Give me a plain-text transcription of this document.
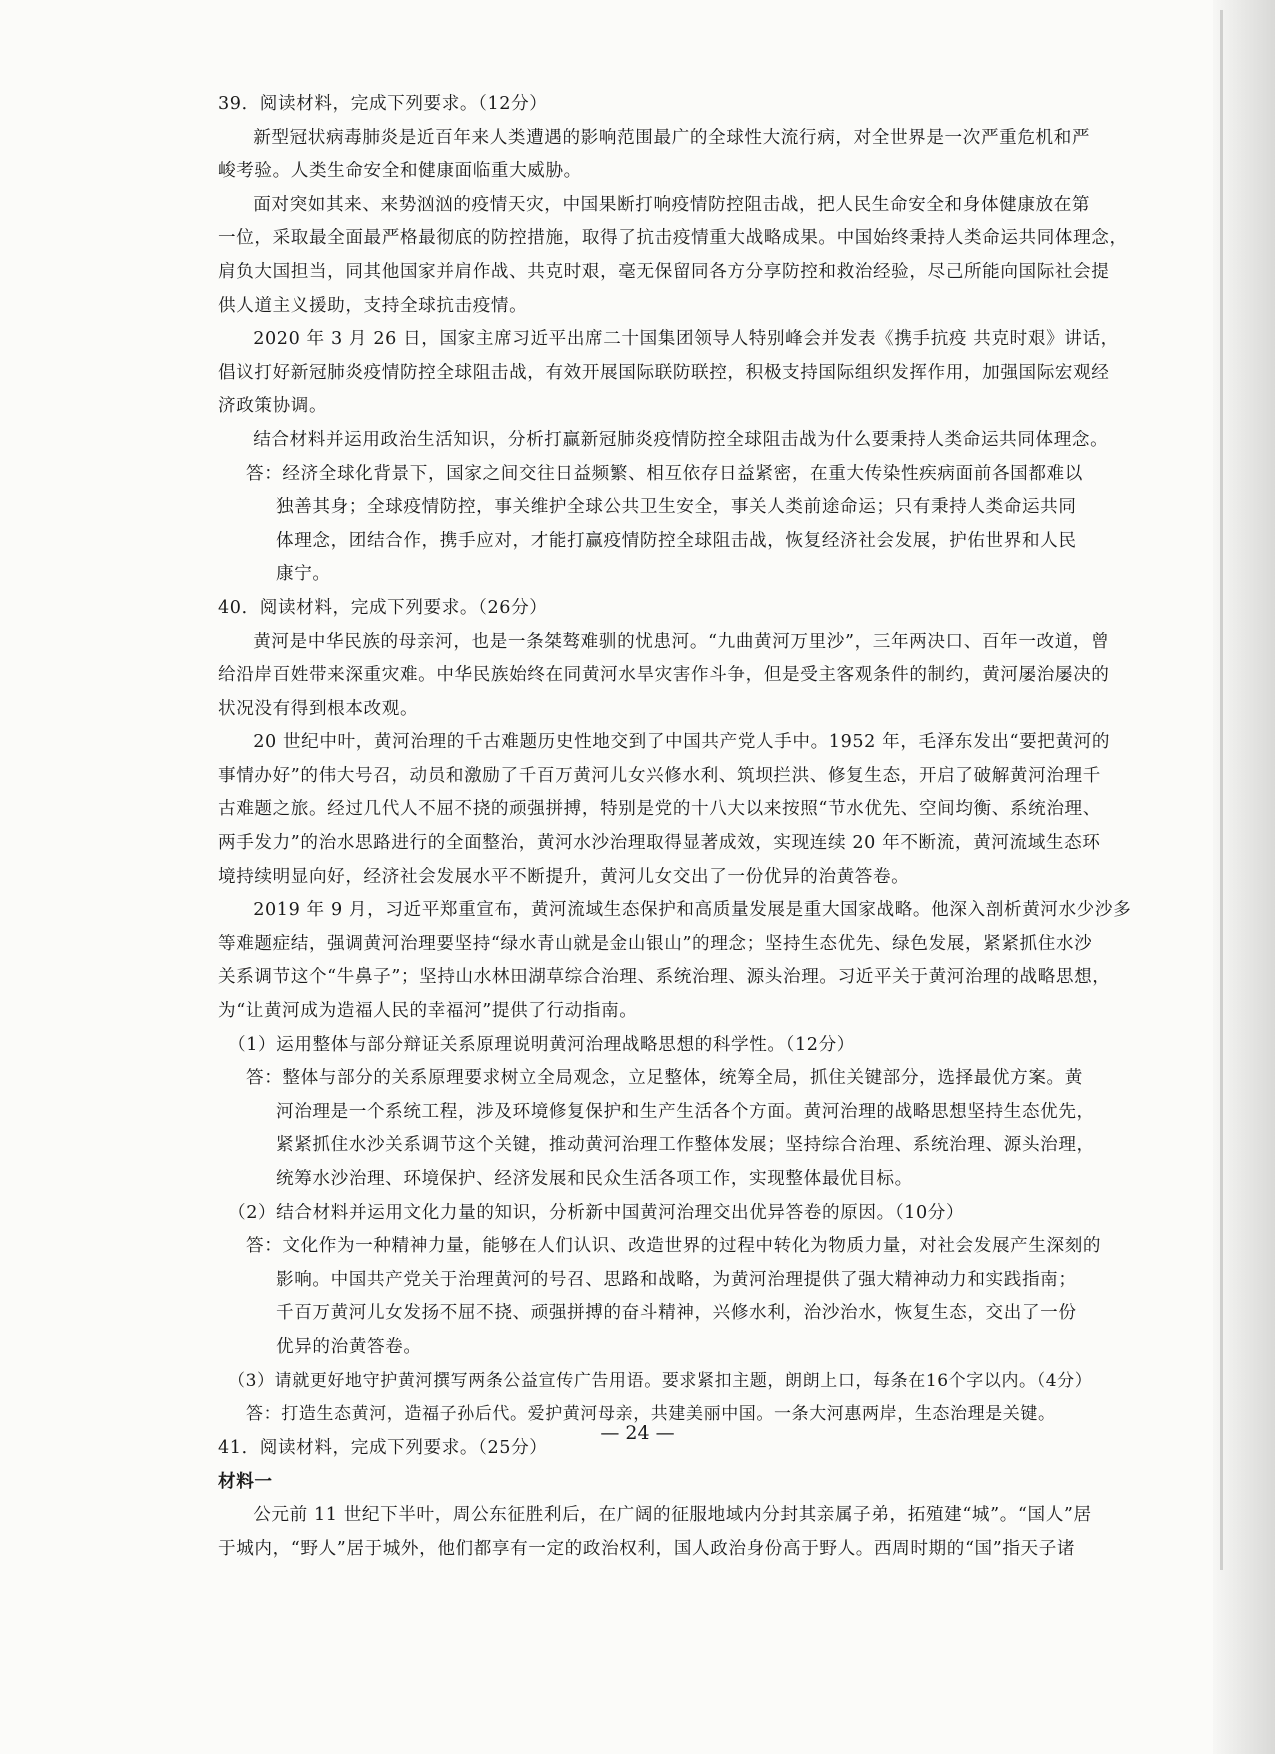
39．阅读材料，完成下列要求。（12分）

新型冠状病毒肺炎是近百年来人类遭遇的影响范围最广的全球性大流行病，对全世界是一次严重危机和严

峻考验。人类生命安全和健康面临重大威胁。

面对突如其来、来势汹汹的疫情天灾，中国果断打响疫情防控阻击战，把人民生命安全和身体健康放在第

一位，采取最全面最严格最彻底的防控措施，取得了抗击疫情重大战略成果。中国始终秉持人类命运共同体理念，

肩负大国担当，同其他国家并肩作战、共克时艰，毫无保留同各方分享防控和救治经验，尽己所能向国际社会提

供人道主义援助，支持全球抗击疫情。

2020 年 3 月 26 日，国家主席习近平出席二十国集团领导人特别峰会并发表《携手抗疫 共克时艰》讲话，

倡议打好新冠肺炎疫情防控全球阻击战，有效开展国际联防联控，积极支持国际组织发挥作用，加强国际宏观经

济政策协调。

结合材料并运用政治生活知识，分析打赢新冠肺炎疫情防控全球阻击战为什么要秉持人类命运共同体理念。

答：经济全球化背景下，国家之间交往日益频繁、相互依存日益紧密，在重大传染性疾病面前各国都难以

独善其身；全球疫情防控，事关维护全球公共卫生安全，事关人类前途命运；只有秉持人类命运共同

体理念，团结合作，携手应对，才能打赢疫情防控全球阻击战，恢复经济社会发展，护佑世界和人民

康宁。

40．阅读材料，完成下列要求。（26分）

黄河是中华民族的母亲河，也是一条桀骜难驯的忧患河。“九曲黄河万里沙”，三年两决口、百年一改道，曾

给沿岸百姓带来深重灾难。中华民族始终在同黄河水旱灾害作斗争，但是受主客观条件的制约，黄河屡治屡决的

状况没有得到根本改观。

20 世纪中叶，黄河治理的千古难题历史性地交到了中国共产党人手中。1952 年，毛泽东发出“要把黄河的

事情办好”的伟大号召，动员和激励了千百万黄河儿女兴修水利、筑坝拦洪、修复生态，开启了破解黄河治理千

古难题之旅。经过几代人不屈不挠的顽强拼搏，特别是党的十八大以来按照“节水优先、空间均衡、系统治理、

两手发力”的治水思路进行的全面整治，黄河水沙治理取得显著成效，实现连续 20 年不断流，黄河流域生态环

境持续明显向好，经济社会发展水平不断提升，黄河儿女交出了一份优异的治黄答卷。

2019 年 9 月，习近平郑重宣布，黄河流域生态保护和高质量发展是重大国家战略。他深入剖析黄河水少沙多

等难题症结，强调黄河治理要坚持“绿水青山就是金山银山”的理念；坚持生态优先、绿色发展，紧紧抓住水沙

关系调节这个“牛鼻子”；坚持山水林田湖草综合治理、系统治理、源头治理。习近平关于黄河治理的战略思想，

为“让黄河成为造福人民的幸福河”提供了行动指南。

（1）运用整体与部分辩证关系原理说明黄河治理战略思想的科学性。（12分）

答：整体与部分的关系原理要求树立全局观念，立足整体，统筹全局，抓住关键部分，选择最优方案。黄

河治理是一个系统工程，涉及环境修复保护和生产生活各个方面。黄河治理的战略思想坚持生态优先，

紧紧抓住水沙关系调节这个关键，推动黄河治理工作整体发展；坚持综合治理、系统治理、源头治理，

统筹水沙治理、环境保护、经济发展和民众生活各项工作，实现整体最优目标。

（2）结合材料并运用文化力量的知识，分析新中国黄河治理交出优异答卷的原因。（10分）

答：文化作为一种精神力量，能够在人们认识、改造世界的过程中转化为物质力量，对社会发展产生深刻的

影响。中国共产党关于治理黄河的号召、思路和战略，为黄河治理提供了强大精神动力和实践指南；

千百万黄河儿女发扬不屈不挠、顽强拼搏的奋斗精神，兴修水利，治沙治水，恢复生态，交出了一份

优异的治黄答卷。

（3）请就更好地守护黄河撰写两条公益宣传广告用语。要求紧扣主题，朗朗上口，每条在16个字以内。（4分）

答：打造生态黄河，造福子孙后代。爱护黄河母亲，共建美丽中国。一条大河惠两岸，生态治理是关键。

41．阅读材料，完成下列要求。（25分）

材料一

公元前 11 世纪下半叶，周公东征胜利后，在广阔的征服地域内分封其亲属子弟，拓殖建“城”。“国人”居

于城内，“野人”居于城外，他们都享有一定的政治权利，国人政治身份高于野人。西周时期的“国”指天子诸

— 24 —
